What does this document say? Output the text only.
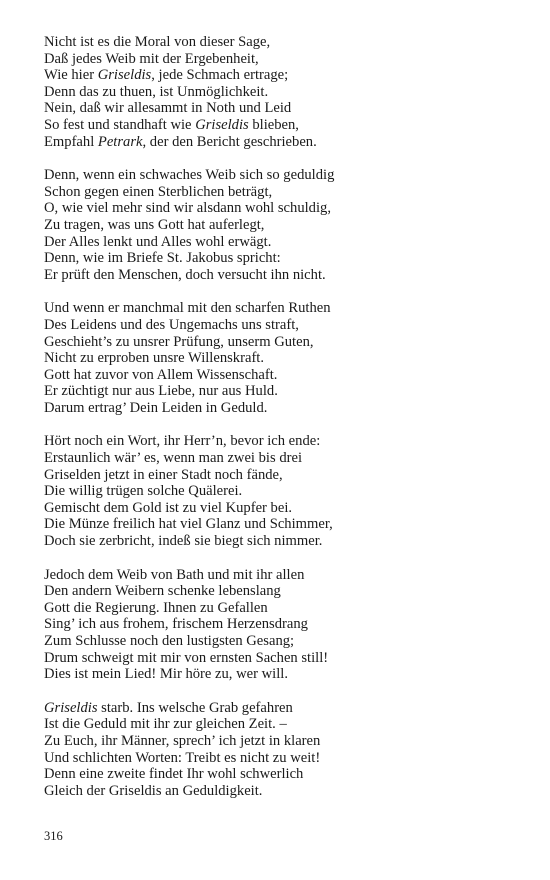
Nicht ist es die Moral von dieser Sage,
Daß jedes Weib mit der Ergebenheit,
Wie hier Griseldis, jede Schmach ertrage;
Denn das zu thuen, ist Unmöglichkeit.
Nein, daß wir allesammt in Noth und Leid
So fest und standhaft wie Griseldis blieben,
Empfahl Petrark, der den Bericht geschrieben.
Denn, wenn ein schwaches Weib sich so geduldig
Schon gegen einen Sterblichen beträgt,
O, wie viel mehr sind wir alsdann wohl schuldig,
Zu tragen, was uns Gott hat auferlegt,
Der Alles lenkt und Alles wohl erwägt.
Denn, wie im Briefe St. Jakobus spricht:
Er prüft den Menschen, doch versucht ihn nicht.
Und wenn er manchmal mit den scharfen Ruthen
Des Leidens und des Ungemachs uns straft,
Geschieht’s zu unsrer Prüfung, unserm Guten,
Nicht zu erproben unsre Willenskraft.
Gott hat zuvor von Allem Wissenschaft.
Er züchtigt nur aus Liebe, nur aus Huld.
Darum ertrag’ Dein Leiden in Geduld.
Hört noch ein Wort, ihr Herr’n, bevor ich ende:
Erstaunlich wär’ es, wenn man zwei bis drei
Griselden jetzt in einer Stadt noch fände,
Die willig trügen solche Quälerei.
Gemischt dem Gold ist zu viel Kupfer bei.
Die Münze freilich hat viel Glanz und Schimmer,
Doch sie zerbricht, indeß sie biegt sich nimmer.
Jedoch dem Weib von Bath und mit ihr allen
Den andern Weibern schenke lebenslang
Gott die Regierung. Ihnen zu Gefallen
Sing’ ich aus frohem, frischem Herzensdrang
Zum Schlusse noch den lustigsten Gesang;
Drum schweigt mit mir von ernsten Sachen still!
Dies ist mein Lied! Mir höre zu, wer will.
Griseldis starb. Ins welsche Grab gefahren
Ist die Geduld mit ihr zur gleichen Zeit. –
Zu Euch, ihr Männer, sprech’ ich jetzt in klaren
Und schlichten Worten: Treibt es nicht zu weit!
Denn eine zweite findet Ihr wohl schwerlich
Gleich der Griseldis an Geduldigkeit.
316
